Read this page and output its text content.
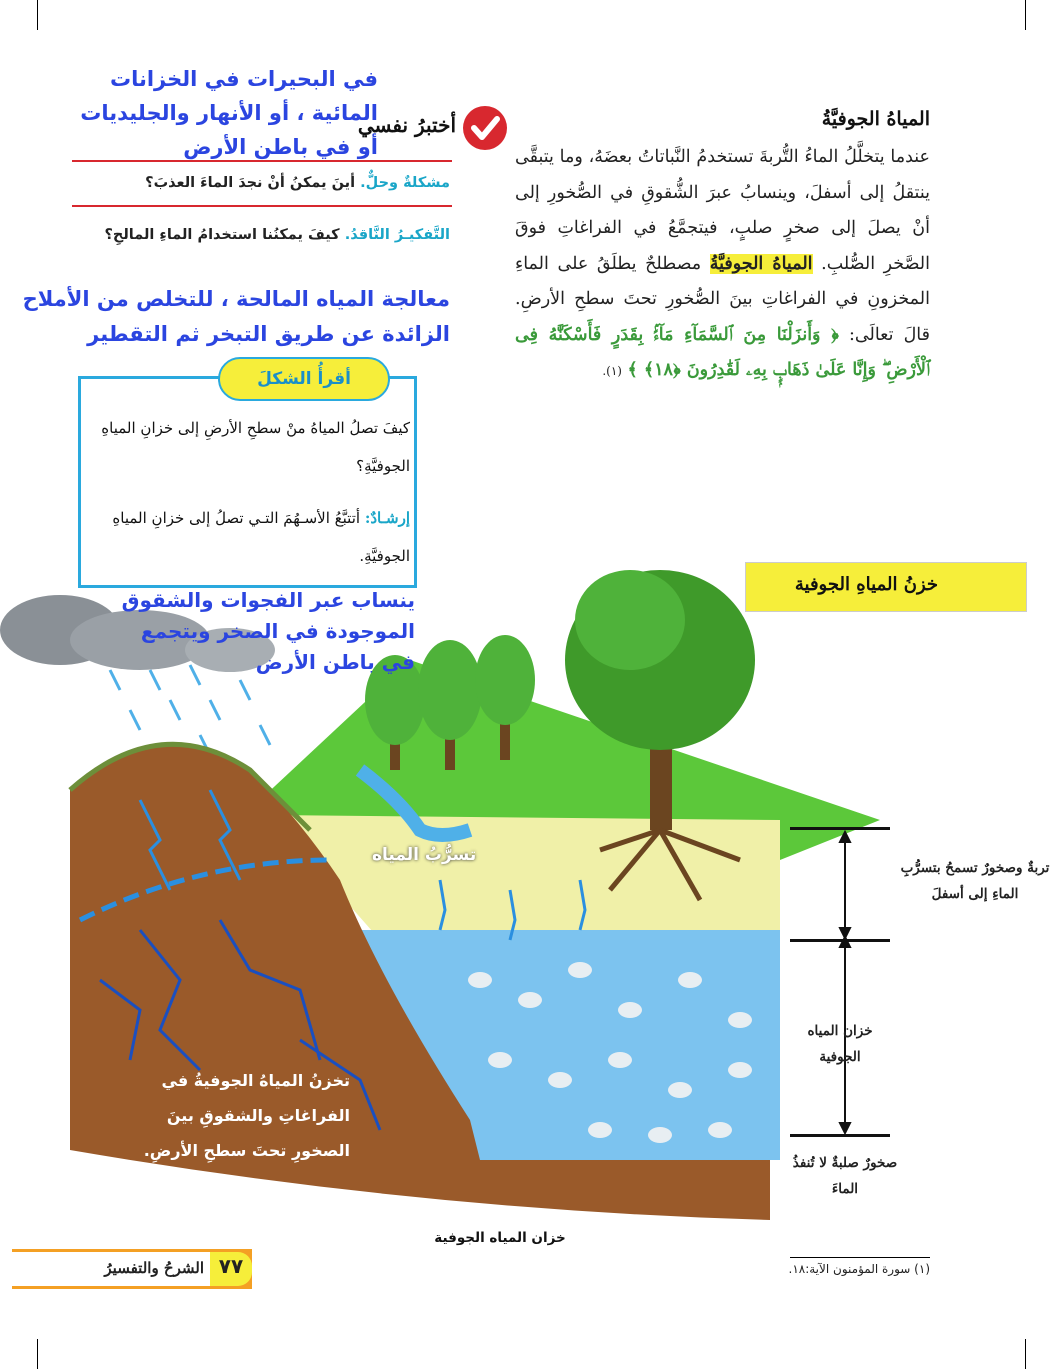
المياهُ الجوفيَّةُ
عندما يتخلَّلُ الماءُ التُّربةَ تستخدمُ النَّباتاتُ بعضَهُ، وما يتبقَّى ينتقلُ إلى أسفلَ، وينسابُ عبرَ الشُّقوقِ في الصُّخورِ إلى أنْ يصلَ إلى صخرٍ صلبٍ، فيتجمَّعُ في الفراغاتِ فوقَ الصَّخرِ الصُّلبِ. المياهُ الجوفيَّةُ مصطلحٌ يطلَقُ على الماءِ المخزونِ في الفراغاتِ بينَ الصُّخورِ تحتَ سطحِ الأرضِ. قالَ تعالَى: ﴿ وَأَنزَلْنَا مِنَ ٱلسَّمَآءِ مَآءًۢ بِقَدَرٍ فَأَسْكَنَّٰهُ فِى ٱلْأَرْضِ ۖ وَإِنَّا عَلَىٰ ذَهَابٍۭ بِهِۦ لَقَٰدِرُونَ ﴿١٨﴾ ﴾ (١).
أختبرُ نفسي
مشكلةٌ وحلٌّ. أينَ يمكنُ أنْ نجدَ الماءَ العذبَ؟
التَّفكيـرُ النَّاقدُ. كيفَ يمكنُنا استخدامُ الماءِ المالحِ؟
في البحيرات في الخزانات المائية ، أو الأنهار والجليديات أو في باطن الأرض
معالجة المياه المالحة ، للتخلص من الأملاح الزائدة عن طريق التبخر ثم التقطير
أقرأُ الشكلَ
كيفَ تصلُ المياهُ منْ سطحِ الأرضِ إلى خزانِ المياهِ الجوفيَّةِ؟
إرشـادٌ: أتتبَّعُ الأسـهُمَ التـي تصلُ إلى خزانِ المياهِ الجوفيَّةِ.
خزنُ المياهِ الجوفية
ينساب عبر الفجوات والشقوق الموجودة في الصخر ويتجمع في باطن الأرض
تسرُّبُ المياه
تخزنُ المياهُ الجوفيةُ في الفراغاتِ والشقوقِ بينَ الصخورِ تحتَ سطحِ الأرضِ.
تربةٌ وصخورٌ تسمحُ بتسرُّبِ الماءِ إلى أسفلَ
خزان المياه الجوفية
صخورٌ صلبةٌ لا تُنفذُ الماءَ
خزان المياه الجوفية
(١) سورة المؤمنون الآية:١٨.
٧٧
الشرحُ والتفسيرُ
